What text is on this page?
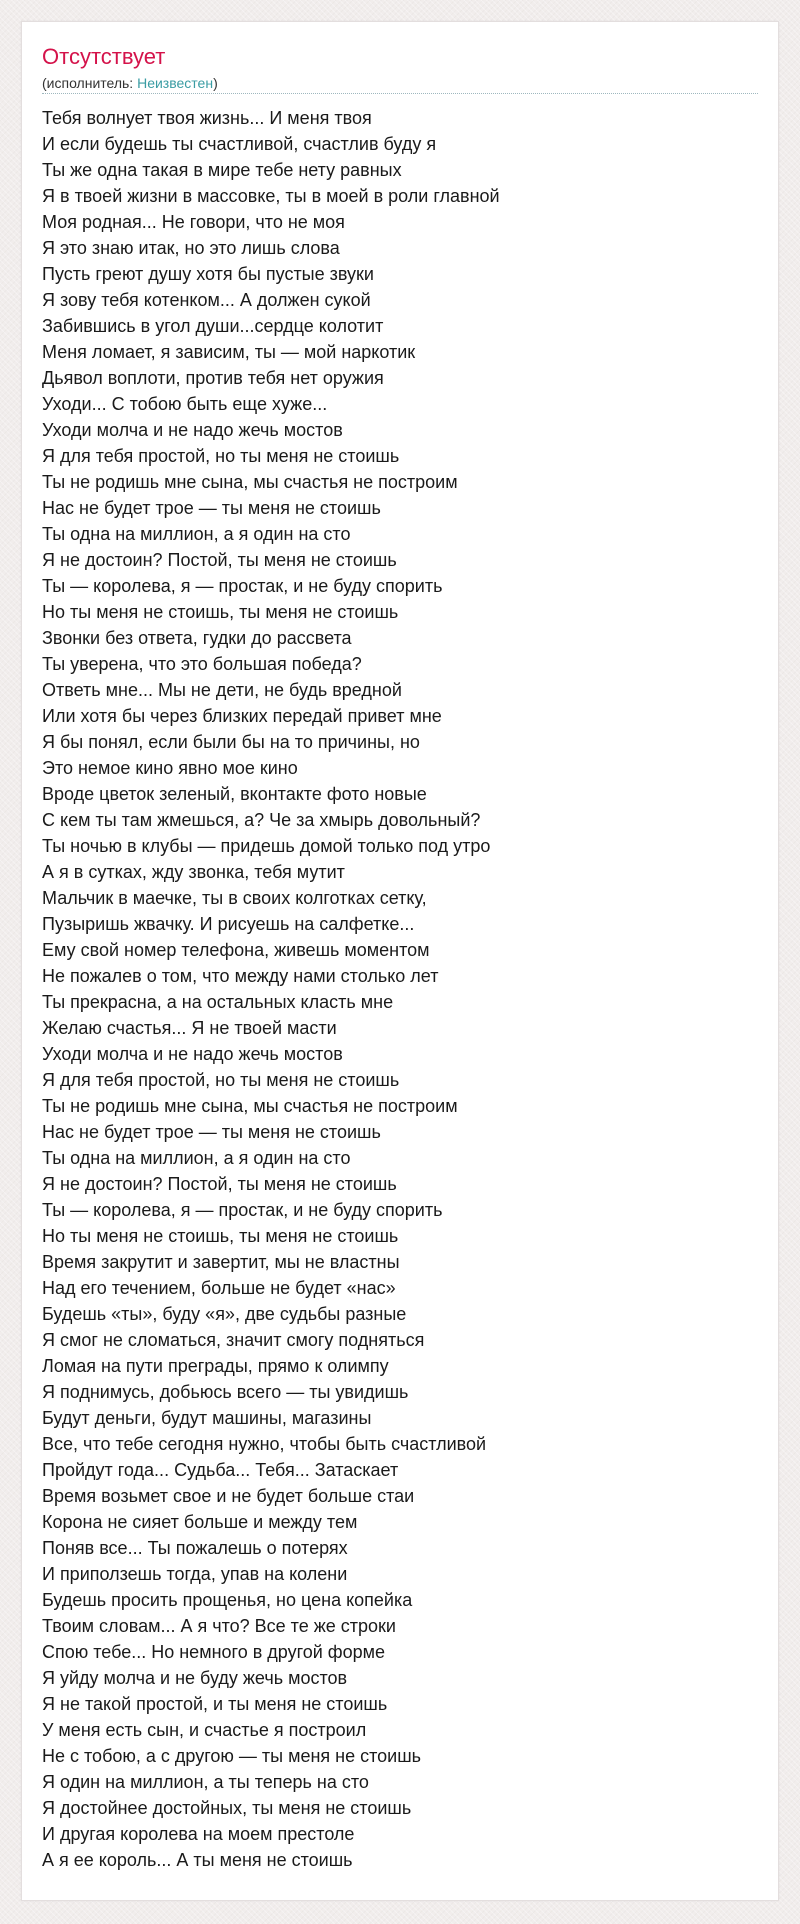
Отсутствует
(исполнитель: Неизвестен)
Тебя волнует твоя жизнь... И меня твоя
И если будешь ты счастливой, счастлив буду я
Ты же одна такая в мире тебе нету равных
Я в твоей жизни в массовке, ты в моей в роли главной
Моя родная... Не говори, что не моя
Я это знаю итак, но это лишь слова
Пусть греют душу хотя бы пустые звуки
Я зову тебя котенком... А должен сукой
Забившись в угол души...сердце колотит
Меня ломает, я зависим, ты — мой наркотик
Дьявол воплоти, против тебя нет оружия
Уходи... С тобою быть еще хуже...
Уходи молча и не надо жечь мостов
Я для тебя простой, но ты меня не стоишь
Ты не родишь мне сына, мы счастья не построим
Нас не будет трое — ты меня не стоишь
Ты одна на миллион, а я один на сто
Я не достоин? Постой, ты меня не стоишь
Ты — королева, я — простак, и не буду спорить
Но ты меня не стоишь, ты меня не стоишь
Звонки без ответа, гудки до рассвета
Ты уверена, что это большая победа?
Ответь мне... Мы не дети, не будь вредной
Или хотя бы через близких передай привет мне
Я бы понял, если были бы на то причины, но
Это немое кино явно мое кино
Вроде цветок зеленый, вконтакте фото новые
С кем ты там жмешься, а? Че за хмырь довольный?
Ты ночью в клубы — придешь домой только под утро
А я в сутках, жду звонка, тебя мутит
Мальчик в маечке, ты в своих колготках сетку,
Пузыришь жвачку. И рисуешь на салфетке...
Ему свой номер телефона, живешь моментом
Не пожалев о том, что между нами столько лет
Ты прекрасна, а на остальных класть мне
Желаю счастья... Я не твоей масти
Уходи молча и не надо жечь мостов
Я для тебя простой, но ты меня не стоишь
Ты не родишь мне сына, мы счастья не построим
Нас не будет трое — ты меня не стоишь
Ты одна на миллион, а я один на сто
Я не достоин? Постой, ты меня не стоишь
Ты — королева, я — простак, и не буду спорить
Но ты меня не стоишь, ты меня не стоишь
Время закрутит и завертит, мы не властны
Над его течением, больше не будет «нас»
Будешь «ты», буду «я», две судьбы разные
Я смог не сломаться, значит смогу подняться
Ломая на пути преграды, прямо к олимпу
Я поднимусь, добьюсь всего — ты увидишь
Будут деньги, будут машины, магазины
Все, что тебе сегодня нужно, чтобы быть счастливой
Пройдут года... Судьба... Тебя... Затаскает
Время возьмет свое и не будет больше стаи
Корона не сияет больше и между тем
Поняв все... Ты пожалешь о потерях
И приползешь тогда, упав на колени
Будешь просить прощенья, но цена копейка
Твоим словам... А я что? Все те же строки
Спою тебе... Но немного в другой форме
Я уйду молча и не буду жечь мостов
Я не такой простой, и ты меня не стоишь
У меня есть сын, и счастье я построил
Не с тобою, а с другою — ты меня не стоишь
Я один на миллион, а ты теперь на сто
Я достойнее достойных, ты меня не стоишь
И другая королева на моем престоле
А я ее король... А ты меня не стоишь
